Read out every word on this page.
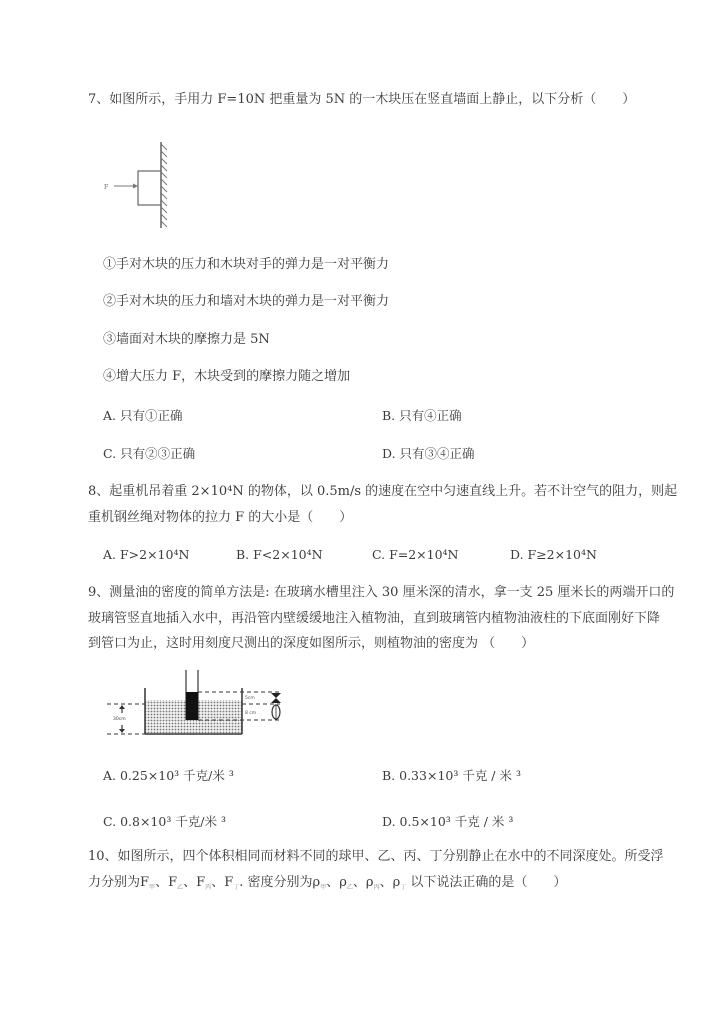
7、如图所示，手用力 F=10N 把重量为 5N 的一木块压在竖直墙面上静止，以下分析（　　）
F
①手对木块的压力和木块对手的弹力是一对平衡力
②手对木块的压力和墙对木块的弹力是一对平衡力
③墙面对木块的摩擦力是 5N
④增大压力 F，木块受到的摩擦力随之增加
A. 只有①正确	B. 只有④正确
C. 只有②③正确	D. 只有③④正确
8、起重机吊着重 2×10⁴N 的物体，以 0.5m/s 的速度在空中匀速直线上升。若不计空气的阻力，则起
重机钢丝绳对物体的拉力 F 的大小是（　　）
A. F>2×10⁴N	B. F<2×10⁴N	C. F=2×10⁴N	D. F≥2×10⁴N
9、测量油的密度的简单方法是: 在玻璃水槽里注入 30 厘米深的清水，拿一支 25 厘米长的两端开口的
玻璃管竖直地插入水中，再沿管内壁缓缓地注入植物油，直到玻璃管内植物油液柱的下底面刚好下降
到管口为止，这时用刻度尺测出的深度如图所示，则植物油的密度为 （　　）
30cm
5cm
8 cm
A. 0.25×10³ 千克/米 ³	B. 0.33×10³ 千克 / 米 ³
C. 0.8×10³ 千克/米 ³	D. 0.5×10³ 千克 / 米 ³
10、如图所示，四个体积相同而材料不同的球甲、乙、丙、丁分别静止在水中的不同深度处。所受浮
力分别为$F_甲$、$F_乙$、$F_丙$、$F_丁$. 密度分别为$\rho_甲$、$\rho_乙$、$\rho_丙$、$\rho_丁$ 以下说法正确的是（　　）
